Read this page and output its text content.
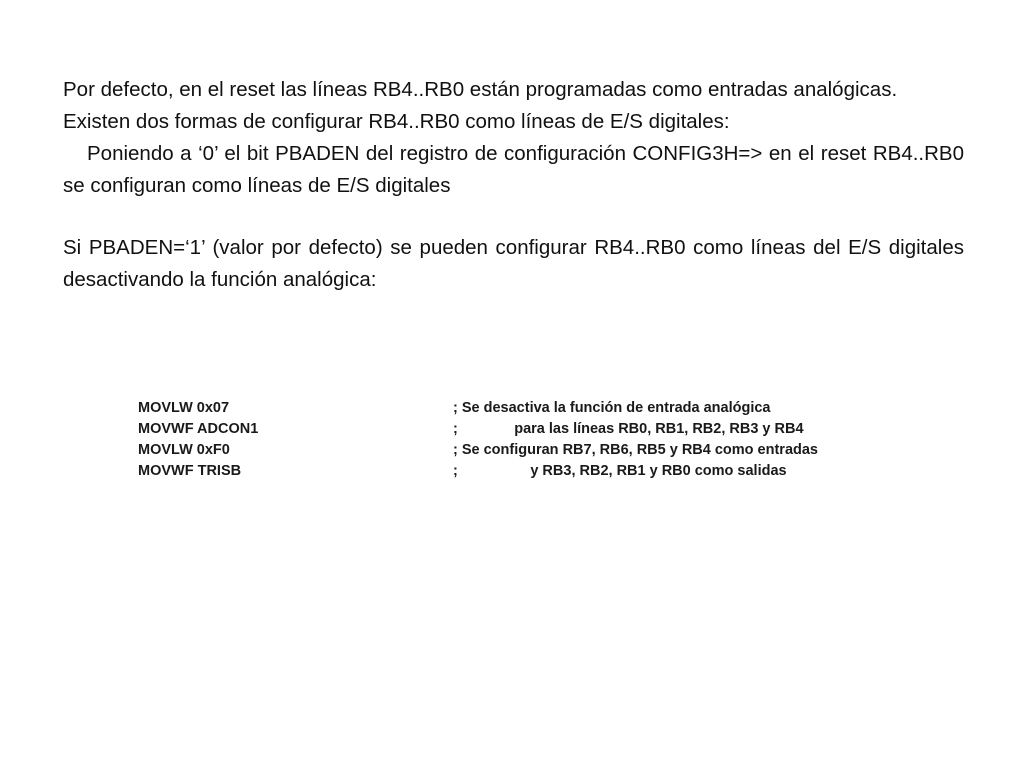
Por defecto, en el reset las líneas RB4..RB0 están programadas como entradas analógicas.

Existen dos formas de configurar RB4..RB0 como líneas de E/S digitales:

Poniendo a ‘0’ el bit PBADEN del registro de configuración CONFIG3H=> en el reset RB4..RB0 se configuran como líneas de E/S digitales

Si PBADEN=‘1’ (valor por defecto) se pueden configurar RB4..RB0 como líneas del E/S digitales desactivando la función analógica:

MOVLW 0x07	; Se desactiva la función de entrada analógica
MOVWF ADCON1	;              para las líneas RB0, RB1, RB2, RB3 y RB4
MOVLW 0xF0	; Se configuran RB7, RB6, RB5 y RB4 como entradas
MOVWF TRISB	;                  y RB3, RB2, RB1 y RB0 como salidas
